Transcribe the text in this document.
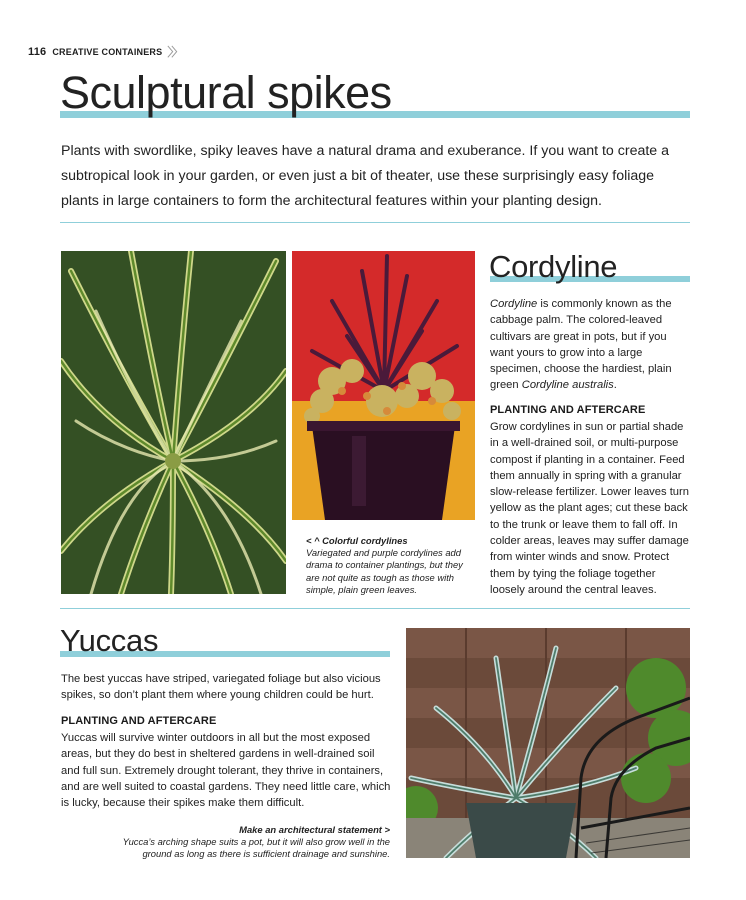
116 CREATIVE CONTAINERS 〉〉
Sculptural spikes

Plants with swordlike, spiky leaves have a natural drama and exuberance. If you want to create a subtropical look in your garden, or even just a bit of theater, use these surprisingly easy foliage plants in large containers to form the architectural features within your planting design.

< ^ Colorful cordylines
Variegated and purple cordylines add drama to container plantings, but they are not quite as tough as those with simple, plain green leaves.
Cordyline

Cordyline is commonly known as the cabbage palm. The colored-leaved cultivars are great in pots, but if you want yours to grow into a large specimen, choose the hardiest, plain green Cordyline australis.

PLANTING AND AFTERCARE

Grow cordylines in sun or partial shade in a well-drained soil, or multi-purpose compost if planting in a container. Feed them annually in spring with a granular slow-release fertilizer. Lower leaves turn yellow as the plant ages; cut these back to the trunk or leave them to fall off. In colder areas, leaves may suffer damage from winter winds and snow. Protect them by tying the foliage together loosely around the central leaves.

Yuccas

The best yuccas have striped, variegated foliage but also vicious spikes, so don’t plant them where young children could be hurt.

PLANTING AND AFTERCARE

Yuccas will survive winter outdoors in all but the most exposed areas, but they do best in sheltered gardens in well-drained soil and full sun. Extremely drought tolerant, they thrive in containers, and are well suited to coastal gardens. They need little care, which is lucky, because their spikes make them difficult.

Make an architectural statement >
Yucca’s arching shape suits a pot, but it will also grow well in the ground as long as there is sufficient drainage and sunshine.
